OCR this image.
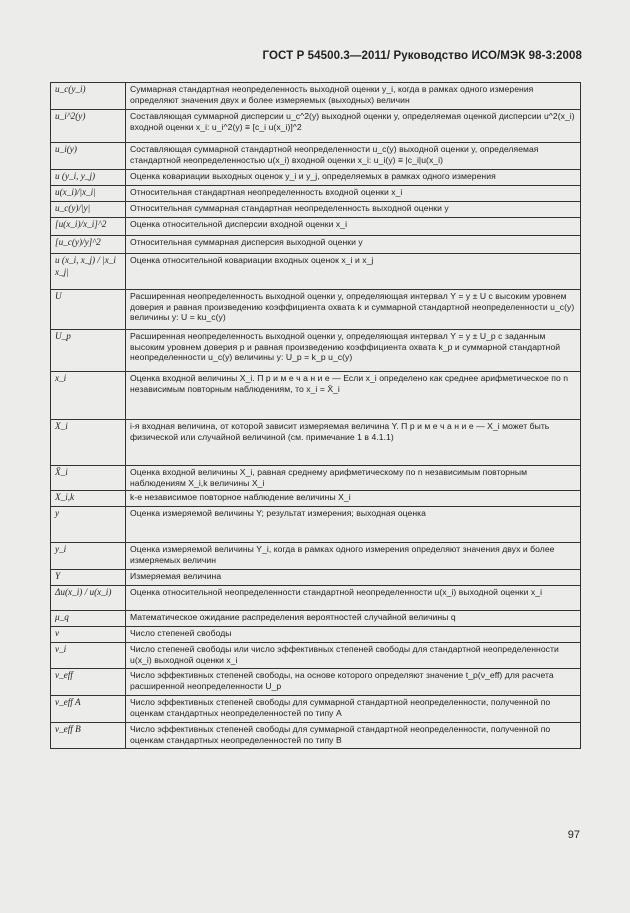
ГОСТ Р 54500.3—2011/ Руководство ИСО/МЭК 98-3:2008
u_c(y_i)	Суммарная стандартная неопределенность выходной оценки y_i, когда в рамках одного измерения определяют значения двух и более измеряемых (выходных) величин
u_i^2(y)	Составляющая суммарной дисперсии u_c^2(y) выходной оценки y, определяемая оценкой дисперсии u^2(x_i) входной оценки x_i: u_i^2(y) ≡ [c_i u(x_i)]^2
u_i(y)	Составляющая суммарной стандартной неопределенности u_c(y) выходной оценки y, определяемая стандартной неопределенностью u(x_i) входной оценки x_i: u_i(y) ≡ |c_i|u(x_i)
u (y_i, y_j)	Оценка ковариации выходных оценок y_i и y_j, определяемых в рамках одного измерения
u(x_i)/|x_i|	Относительная стандартная неопределенность входной оценки x_i
u_c(y)/|y|	Относительная суммарная стандартная неопределенность выходной оценки y
[u(x_i)/x_i]^2	Оценка относительной дисперсии входной оценки x_i
[u_c(y)/y]^2	Относительная суммарная дисперсия выходной оценки y
u (x_i, x_j) / |x_i x_j|	Оценка относительной ковариации входных оценок x_i и x_j
U	Расширенная неопределенность выходной оценки y, определяющая интервал Y = y ± U с высоким уровнем доверия и равная произведению коэффициента охвата k и суммарной стандартной неопределенности u_c(y) величины y: U = ku_c(y)
U_p	Расширенная неопределенность выходной оценки y, определяющая интервал Y = y ± U_p с заданным высоким уровнем доверия p и равная произведению коэффициента охвата k_p и суммарной стандартной неопределенности u_c(y) величины y: U_p = k_p u_c(y)
x_i	Оценка входной величины X_i. П р и м е ч а н и е — Если x_i определено как среднее арифметическое по n независимым повторным наблюдениям, то x_i = X̄_i
X_i	i-я входная величина, от которой зависит измеряемая величина Y. П р и м е ч а н и е — X_i может быть физической или случайной величиной (см. примечание 1 в 4.1.1)
X̄_i	Оценка входной величины X_i, равная среднему арифметическому по n независимым повторным наблюдениям X_i,k величины X_i
X_i,k	k-е независимое повторное наблюдение величины X_i
y	Оценка измеряемой величины Y; результат измерения; выходная оценка
y_i	Оценка измеряемой величины Y_i, когда в рамках одного измерения определяют значения двух и более измеряемых величин
Y	Измеряемая величина
Δu(x_i) / u(x_i)	Оценка относительной неопределенности стандартной неопределенности u(x_i) выходной оценки x_i
μ_q	Математическое ожидание распределения вероятностей случайной величины q
ν	Число степеней свободы
ν_i	Число степеней свободы или число эффективных степеней свободы для стандартной неопределенности u(x_i) выходной оценки x_i
ν_eff	Число эффективных степеней свободы, на основе которого определяют значение t_p(ν_eff) для расчета расширенной неопределенности U_p
ν_eff A	Число эффективных степеней свободы для суммарной стандартной неопределенности, полученной по оценкам стандартных неопределенностей по типу А
ν_eff B	Число эффективных степеней свободы для суммарной стандартной неопределенности, полученной по оценкам стандартных неопределенностей по типу В
97
